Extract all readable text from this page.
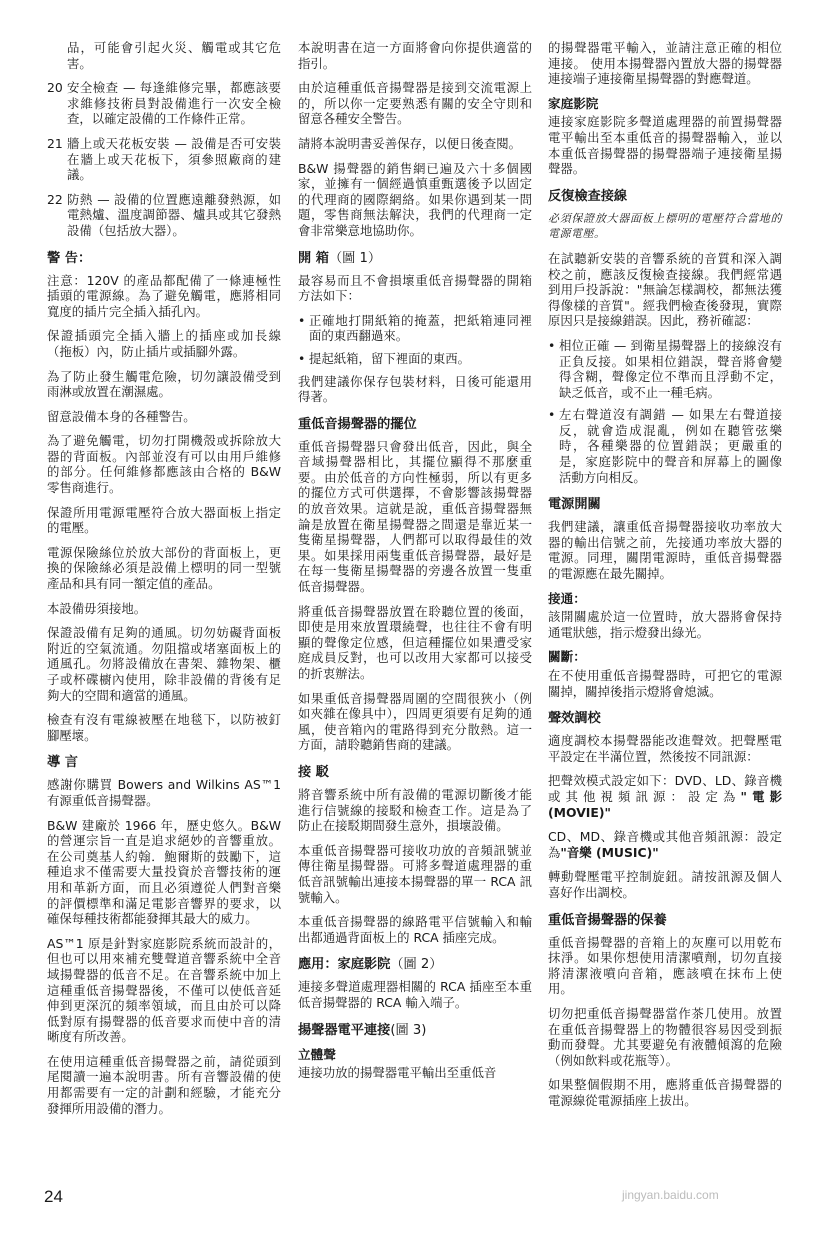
品，可能會引起火災、觸電或其它危害。
20 安全檢查 — 每逢維修完畢，都應該要求維修技術員對設備進行一次安全檢查，以確定設備的工作條件正常。
21 牆上或天花板安裝 — 設備是否可安裝在牆上或天花板下，須參照廠商的建議。
22 防熱 — 設備的位置應遠離發熱源，如電熱爐、溫度調節器、爐具或其它發熱設備（包括放大器）。
警 告：
注意：120V 的產品都配備了一條連極性插頭的電源線。為了避免觸電，應將相同寬度的插片完全插入插孔內。
保證插頭完全插入牆上的插座或加長線（拖板）內，防止插片或插腳外露。
為了防止發生觸電危險，切勿讓設備受到雨淋或放置在潮濕處。
留意設備本身的各種警告。
為了避免觸電，切勿打開機殼或拆除放大器的背面板。內部並沒有可以由用戶維修的部分。任何維修都應該由合格的 B&W 零售商進行。
保證所用電源電壓符合放大器面板上指定的電壓。
電源保險絲位於放大部份的背面板上，更換的保險絲必須是設備上標明的同一型號產品和具有同一額定值的產品。
本設備毋須接地。
保證設備有足夠的通風。切勿妨礙背面板附近的空氣流通。勿阻擋或堵塞面板上的通風孔。勿將設備放在書架、雜物架、櫃子或杯碟櫥內使用，除非設備的背後有足夠大的空間和適當的通風。
檢查有沒有電線被壓在地毯下，以防被釘腳壓壞。
導 言
感謝你購買 Bowers and Wilkins AS™1 有源重低音揚聲器。
B&W 建廠於 1966 年，歷史悠久。B&W 的營運宗旨一直是追求絕妙的音響重放。在公司奠基人約翰．鮑爾斯的鼓勵下，這種追求不僅需要大量投資於音響技術的運用和革新方面，而且必須遵從人們對音樂的評價標準和滿足電影音響界的要求，以確保每種技術都能發揮其最大的威力。
AS™1 原是針對家庭影院系統而設計的，但也可以用來補充雙聲道音響系統中全音域揚聲器的低音不足。在音響系統中加上這種重低音揚聲器後，不僅可以使低音延伸到更深沉的頻率領域，而且由於可以降低對原有揚聲器的低音要求而使中音的清晰度有所改善。
在使用這種重低音揚聲器之前，請從頭到尾閱讀一遍本說明書。所有音響設備的使用都需要有一定的計劃和經驗，才能充分發揮所用設備的潛力。
本說明書在這一方面將會向你提供適當的指引。
由於這種重低音揚聲器是接到交流電源上的，所以你一定要熟悉有關的安全守則和留意各種安全警告。
請將本說明書妥善保存，以便日後查閱。
B&W 揚聲器的銷售網已遍及六十多個國家，並擁有一個經過慎重甄選後予以固定的代理商的國際網絡。如果你遇到某一問題，零售商無法解決，我們的代理商一定會非常樂意地協助你。
開 箱（圖 1）
最容易而且不會損壞重低音揚聲器的開箱方法如下：
• 正確地打開紙箱的掩蓋，把紙箱連同裡面的東西翻過來。
• 提起紙箱，留下裡面的東西。
我們建議你保存包裝材料，日後可能還用得著。
重低音揚聲器的擺位
重低音揚聲器只會發出低音，因此，與全音域揚聲器相比，其擺位顯得不那麼重要。由於低音的方向性極弱，所以有更多的擺位方式可供選擇，不會影響該揚聲器的放音效果。這就是說，重低音揚聲器無論是放置在衛星揚聲器之間還是靠近某一隻衛星揚聲器，人們都可以取得最佳的效果。如果採用兩隻重低音揚聲器，最好是在每一隻衛星揚聲器的旁邊各放置一隻重低音揚聲器。
將重低音揚聲器放置在聆聽位置的後面，即使是用來放置環繞聲，也往往不會有明顯的聲像定位感，但這種擺位如果遭受家庭成員反對，也可以改用大家都可以接受的折衷辦法。
如果重低音揚聲器周圍的空間很狹小（例如夾雜在像具中），四周更須要有足夠的通風，使音箱內的電路得到充分散熱。這一方面，請聆聽銷售商的建議。
接 駁
將音響系統中所有設備的電源切斷後才能進行信號線的接駁和檢查工作。這是為了防止在接駁期間發生意外，損壞設備。
本重低音揚聲器可接收功放的音頻訊號並傳往衛星揚聲器。可將多聲道處理器的重低音訊號輸出連接本揚聲器的單一 RCA 訊號輸入。
本重低音揚聲器的線路電平信號輸入和輸出都通過背面板上的 RCA 插座完成。
應用：家庭影院（圖 2）
連接多聲道處理器相關的 RCA 插座至本重低音揚聲器的 RCA 輸入端子。
揚聲器電平連接(圖 3)
立體聲
連接功放的揚聲器電平輸出至重低音
的揚聲器電平輸入，並請注意正確的相位連接。 使用本揚聲器內置放大器的揚聲器連接端子連接衛星揚聲器的對應聲道。
家庭影院
連接家庭影院多聲道處理器的前置揚聲器電平輸出至本重低音的揚聲器輸入，並以本重低音揚聲器的揚聲器端子連接衛星揚聲器。
反復檢查接線
必須保證放大器面板上標明的電壓符合當地的電源電壓。
在試聽新安裝的音響系統的音質和深入調校之前，應該反復檢查接線。我們經常遇到用戶投訴說："無論怎樣調校，都無法獲得像樣的音質"。經我們檢查後發現，實際原因只是接線錯誤。因此，務祈確認：
• 相位正確 — 到衛星揚聲器上的接線沒有正負反接。如果相位錯誤，聲音將會變得含糊，聲像定位不準而且浮動不定，缺乏低音，或不止一種毛病。
• 左右聲道沒有調錯 — 如果左右聲道接反，就會造成混亂，例如在聽管弦樂時，各種樂器的位置錯誤；更嚴重的是，家庭影院中的聲音和屏幕上的圖像活動方向相反。
電源開關
我們建議，讓重低音揚聲器接收功率放大器的輸出信號之前，先接通功率放大器的電源。同理，關閉電源時，重低音揚聲器的電源應在最先關掉。
接通：
該開關處於這一位置時，放大器將會保持通電狀態，指示燈發出綠光。
關斷：
在不使用重低音揚聲器時，可把它的電源關掉，關掉後指示燈將會熄滅。
聲效調校
適度調校本揚聲器能改進聲效。把聲壓電平設定在半滿位置，然後按不同訊源：
把聲效模式設定如下：DVD、LD、錄音機或其他視頻訊源：設定為"電影 (MOVIE)"
CD、MD、錄音機或其他音頻訊源：設定為"音樂 (MUSIC)"
轉動聲壓電平控制旋鈕。請按訊源及個人喜好作出調校。
重低音揚聲器的保養
重低音揚聲器的音箱上的灰塵可以用乾布抹淨。如果你想使用清潔噴劑，切勿直接將清潔液噴向音箱，應該噴在抹布上使用。
切勿把重低音揚聲器當作茶几使用。放置在重低音揚聲器上的物體很容易因受到振動而發聲。尤其要避免有液體傾瀉的危險（例如飲料或花瓶等）。
如果整個假期不用，應將重低音揚聲器的電源線從電源插座上拔出。
24	jingyan.baidu.com
